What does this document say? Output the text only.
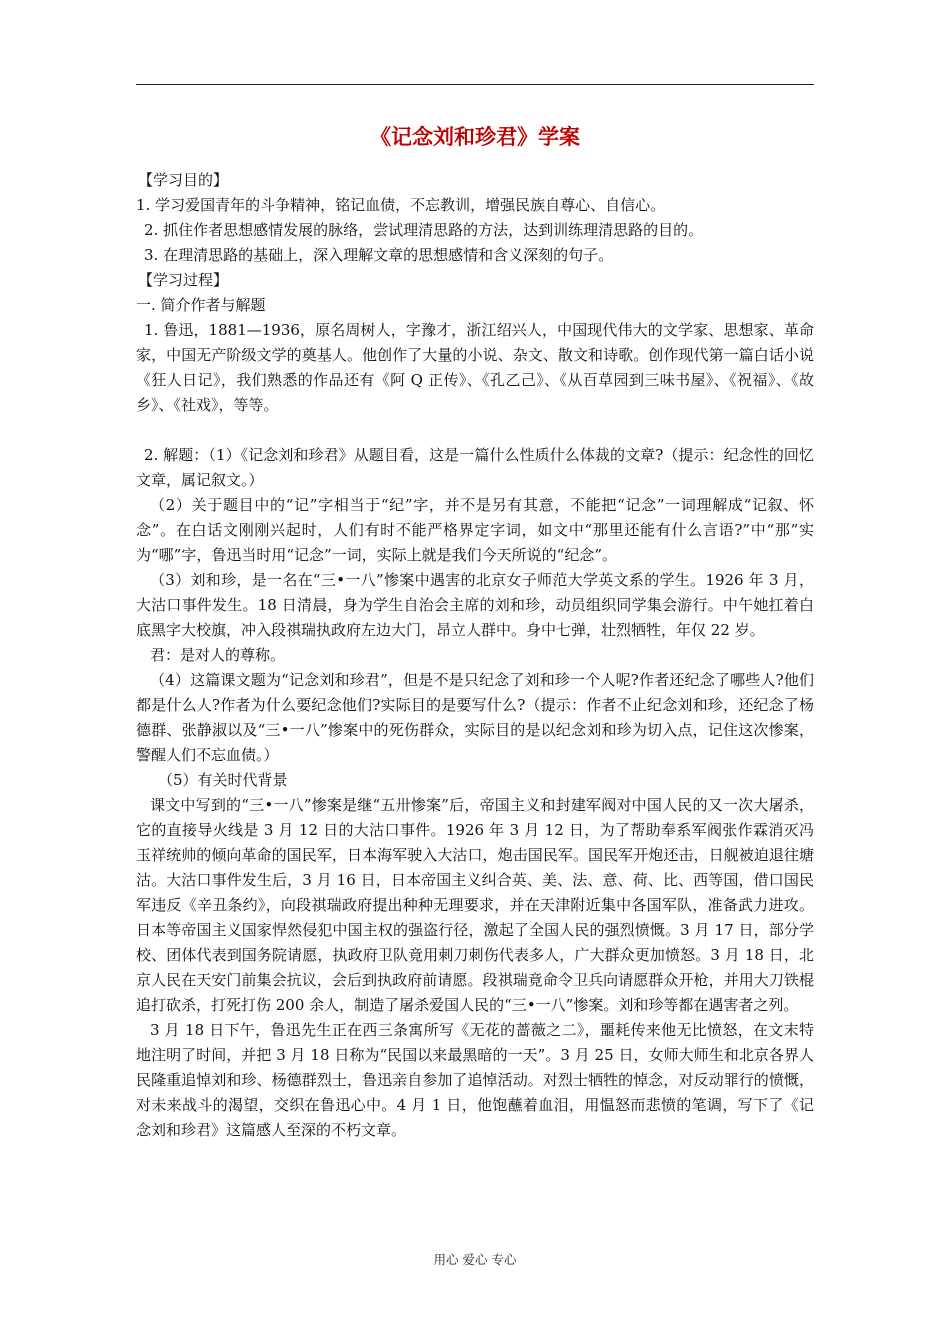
《记念刘和珍君》学案

【学习目的】

1. 学习爱国青年的斗争精神，铭记血债，不忘教训，增强民族自尊心、自信心。

2. 抓住作者思想感情发展的脉络，尝试理清思路的方法，达到训练理清思路的目的。

3. 在理清思路的基础上，深入理解文章的思想感情和含义深刻的句子。

【学习过程】

一. 简介作者与解题

1. 鲁迅，1881—1936，原名周树人，字豫才，浙江绍兴人，中国现代伟大的文学家、思想家、革命家，中国无产阶级文学的奠基人。他创作了大量的小说、杂文、散文和诗歌。创作现代第一篇白话小说《狂人日记》，我们熟悉的作品还有《阿 Q 正传》、《孔乙己》、《从百草园到三味书屋》、《祝福》、《故乡》、《社戏》，等等。

2. 解题：（1）《记念刘和珍君》从题目看，这是一篇什么性质什么体裁的文章?（提示：纪念性的回忆文章，属记叙文。）

（2）关于题目中的“记”字相当于“纪”字，并不是另有其意，不能把“记念”一词理解成“记叙、怀念”。在白话文刚刚兴起时，人们有时不能严格界定字词，如文中“那里还能有什么言语?”中“那”实为“哪”字，鲁迅当时用“记念”一词，实际上就是我们今天所说的“纪念”。

（3）刘和珍，是一名在“三•一八”惨案中遇害的北京女子师范大学英文系的学生。1926 年 3 月，大沽口事件发生。18 日清晨，身为学生自治会主席的刘和珍，动员组织同学集会游行。中午她扛着白底黑字大校旗，冲入段祺瑞执政府左边大门，昂立人群中。身中七弹，壮烈牺牲，年仅 22 岁。

君：是对人的尊称。

（4）这篇课文题为“记念刘和珍君”，但是不是只纪念了刘和珍一个人呢?作者还纪念了哪些人?他们都是什么人?作者为什么要纪念他们?实际目的是要写什么?（提示：作者不止纪念刘和珍，还纪念了杨德群、张静淑以及“三•一八”惨案中的死伤群众，实际目的是以纪念刘和珍为切入点，记住这次惨案，警醒人们不忘血债。）

（5）有关时代背景

课文中写到的“三•一八”惨案是继“五卅惨案”后，帝国主义和封建军阀对中国人民的又一次大屠杀，它的直接导火线是 3 月 12 日的大沽口事件。1926 年 3 月 12 日，为了帮助奉系军阀张作霖消灭冯玉祥统帅的倾向革命的国民军，日本海军驶入大沽口，炮击国民军。国民军开炮还击，日舰被迫退往塘沽。大沽口事件发生后，3 月 16 日，日本帝国主义纠合英、美、法、意、荷、比、西等国，借口国民军违反《辛丑条约》，向段祺瑞政府提出种种无理要求，并在天津附近集中各国军队，准备武力进攻。日本等帝国主义国家悍然侵犯中国主权的强盗行径，激起了全国人民的强烈愤慨。3 月 17 日，部分学校、团体代表到国务院请愿，执政府卫队竟用刺刀刺伤代表多人，广大群众更加愤怒。3 月 18 日，北京人民在天安门前集会抗议，会后到执政府前请愿。段祺瑞竟命令卫兵向请愿群众开枪，并用大刀铁棍追打砍杀，打死打伤 200 余人，制造了屠杀爱国人民的“三•一八”惨案。刘和珍等都在遇害者之列。

3 月 18 日下午，鲁迅先生正在西三条寓所写《无花的蔷薇之二》，噩耗传来他无比愤怒，在文末特地注明了时间，并把 3 月 18 日称为“民国以来最黑暗的一天”。3 月 25 日，女师大师生和北京各界人民隆重追悼刘和珍、杨德群烈士，鲁迅亲自参加了追悼活动。对烈士牺牲的悼念，对反动罪行的愤慨，对未来战斗的渴望，交织在鲁迅心中。4 月 1 日，他饱蘸着血泪，用愠怒而悲愤的笔调，写下了《记念刘和珍君》这篇感人至深的不朽文章。

用心 爱心 专心
